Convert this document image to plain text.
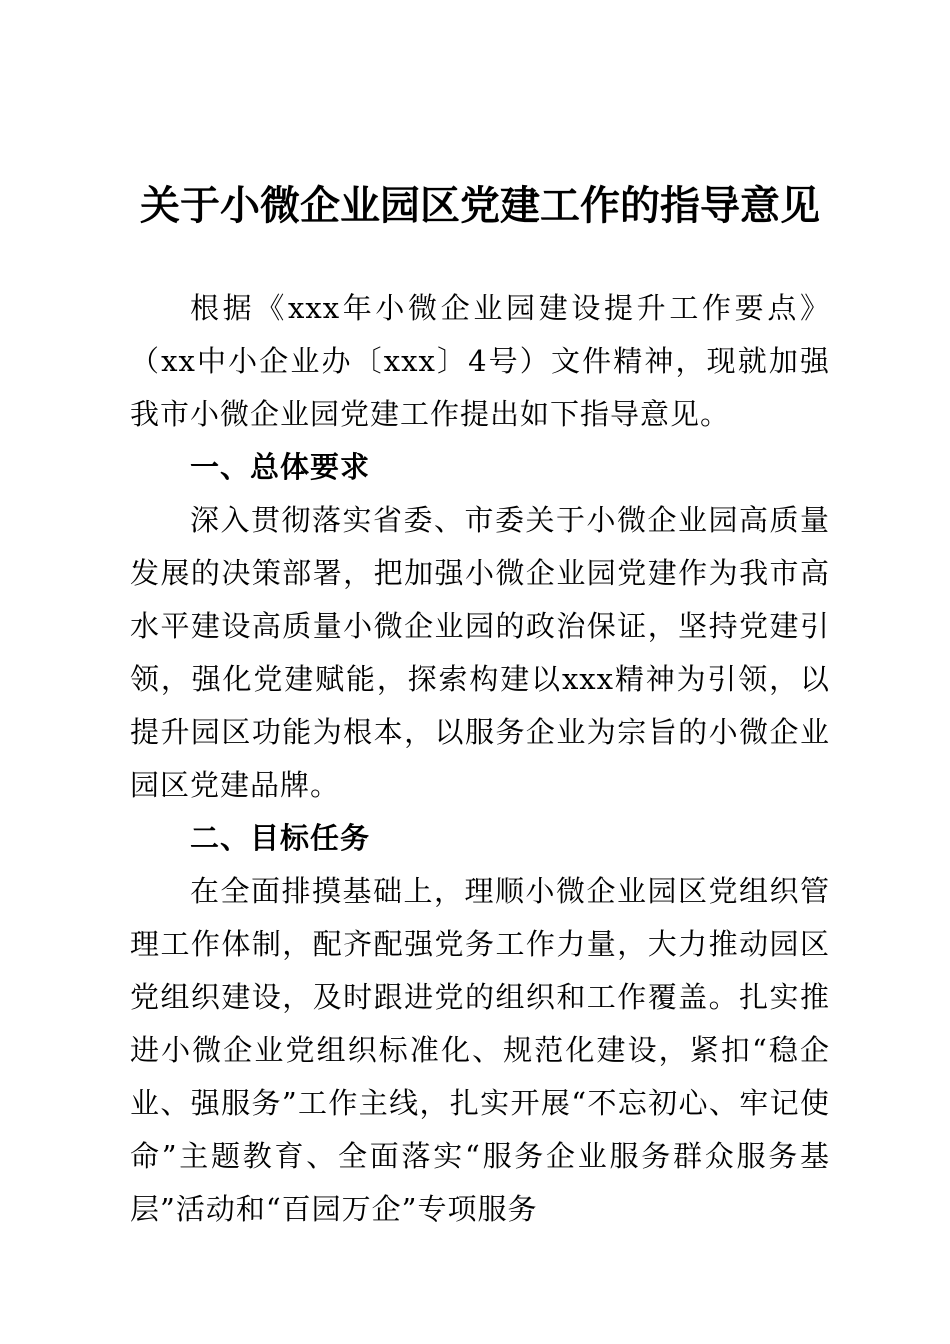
关于小微企业园区党建工作的指导意见

根据《xxx年小微企业园建设提升工作要点》（xx中小企业办〔xxx〕4号）文件精神，现就加强我市小微企业园党建工作提出如下指导意见。

一、总体要求

深入贯彻落实省委、市委关于小微企业园高质量发展的决策部署，把加强小微企业园党建作为我市高水平建设高质量小微企业园的政治保证，坚持党建引领，强化党建赋能，探索构建以xxx精神为引领，以提升园区功能为根本，以服务企业为宗旨的小微企业园区党建品牌。

二、目标任务

在全面排摸基础上，理顺小微企业园区党组织管理工作体制，配齐配强党务工作力量，大力推动园区党组织建设，及时跟进党的组织和工作覆盖。扎实推进小微企业党组织标准化、规范化建设，紧扣“稳企业、强服务”工作主线，扎实开展“不忘初心、牢记使命”主题教育、全面落实“服务企业服务群众服务基层”活动和“百园万企”专项服务
